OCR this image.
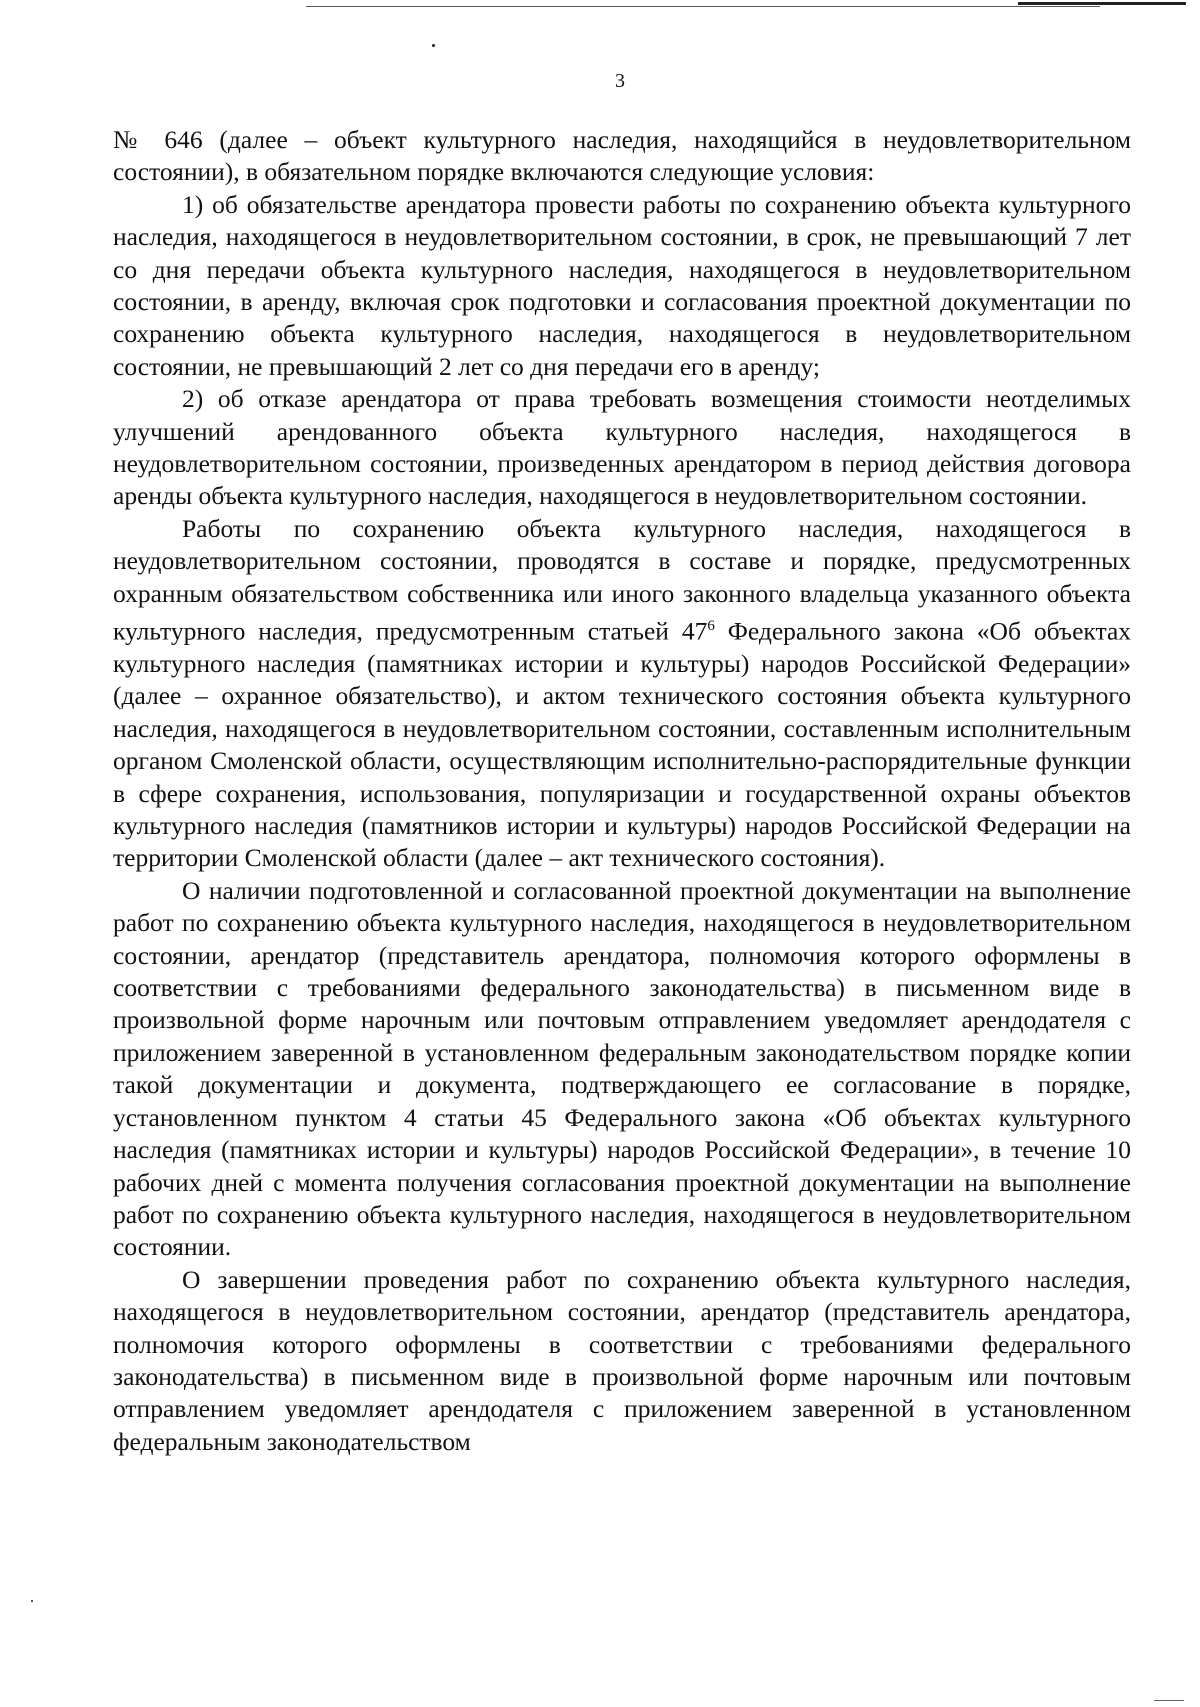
3

№ 646 (далее – объект культурного наследия, находящийся в неудовлетворительном состоянии), в обязательном порядке включаются следующие условия:

1) об обязательстве арендатора провести работы по сохранению объекта культурного наследия, находящегося в неудовлетворительном состоянии, в срок, не превышающий 7 лет со дня передачи объекта культурного наследия, находящегося в неудовлетворительном состоянии, в аренду, включая срок подготовки и согласования проектной документации по сохранению объекта культурного наследия, находящегося в неудовлетворительном состоянии, не превышающий 2 лет со дня передачи его в аренду;

2) об отказе арендатора от права требовать возмещения стоимости неотделимых улучшений арендованного объекта культурного наследия, находящегося в неудовлетворительном состоянии, произведенных арендатором в период действия договора аренды объекта культурного наследия, находящегося в неудовлетворительном состоянии.

Работы по сохранению объекта культурного наследия, находящегося в неудовлетворительном состоянии, проводятся в составе и порядке, предусмотренных охранным обязательством собственника или иного законного владельца указанного объекта культурного наследия, предусмотренным статьей $47^6$ Федерального закона «Об объектах культурного наследия (памятниках истории и культуры) народов Российской Федерации» (далее – охранное обязательство), и актом технического состояния объекта культурного наследия, находящегося в неудовлетворительном состоянии, составленным исполнительным органом Смоленской области, осуществляющим исполнительно-распорядительные функции в сфере сохранения, использования, популяризации и государственной охраны объектов культурного наследия (памятников истории и культуры) народов Российской Федерации на территории Смоленской области (далее – акт технического состояния).

О наличии подготовленной и согласованной проектной документации на выполнение работ по сохранению объекта культурного наследия, находящегося в неудовлетворительном состоянии, арендатор (представитель арендатора, полномочия которого оформлены в соответствии с требованиями федерального законодательства) в письменном виде в произвольной форме нарочным или почтовым отправлением уведомляет арендодателя с приложением заверенной в установленном федеральным законодательством порядке копии такой документации и документа, подтверждающего ее согласование в порядке, установленном пунктом 4 статьи 45 Федерального закона «Об объектах культурного наследия (памятниках истории и культуры) народов Российской Федерации», в течение 10 рабочих дней с момента получения согласования проектной документации на выполнение работ по сохранению объекта культурного наследия, находящегося в неудовлетворительном состоянии.

О завершении проведения работ по сохранению объекта культурного наследия, находящегося в неудовлетворительном состоянии, арендатор (представитель арендатора, полномочия которого оформлены в соответствии с требованиями федерального законодательства) в письменном виде в произвольной форме нарочным или почтовым отправлением уведомляет арендодателя с приложением заверенной в установленном федеральным законодательством
